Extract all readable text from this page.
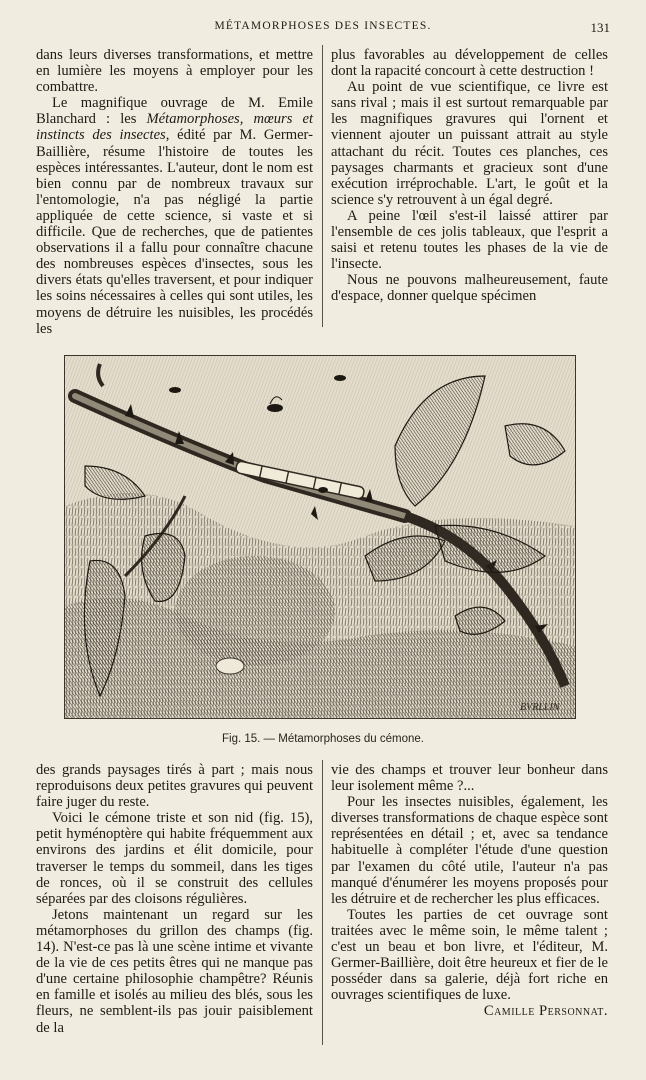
MÉTAMORPHOSES DES INSECTES.	131

dans leurs diverses transformations, et mettre en lumière les moyens à employer pour les combattre.

Le magnifique ouvrage de M. Emile Blanchard : les Métamorphoses, mœurs et instincts des insectes, édité par M. Germer-Baillière, résume l'histoire de toutes les espèces intéressantes. L'auteur, dont le nom est bien connu par de nombreux travaux sur l'entomologie, n'a pas négligé la partie appliquée de cette science, si vaste et si difficile. Que de recherches, que de patientes observations il a fallu pour connaître chacune des nombreuses espèces d'insectes, sous les divers états qu'elles traversent, et pour indiquer les soins nécessaires à celles qui sont utiles, les moyens de détruire les nuisibles, les procédés les

plus favorables au développement de celles dont la rapacité concourt à cette destruction !

Au point de vue scientifique, ce livre est sans rival ; mais il est surtout remarquable par les magnifiques gravures qui l'ornent et viennent ajouter un puissant attrait au style attachant du récit. Toutes ces planches, ces paysages charmants et gracieux sont d'une exécution irréprochable. L'art, le goût et la science s'y retrouvent à un égal degré.

A peine l'œil s'est-il laissé attirer par l'ensemble de ces jolis tableaux, que l'esprit a saisi et retenu toutes les phases de la vie de l'insecte.

Nous ne pouvons malheureusement, faute d'espace, donner quelque spécimen

BVRLLIN
Fig. 15. — Métamorphoses du cémone.

des grands paysages tirés à part ; mais nous reproduisons deux petites gravures qui peuvent faire juger du reste.

Voici le cémone triste et son nid (fig. 15), petit hyménoptère qui habite fréquemment aux environs des jardins et élit domicile, pour traverser le temps du sommeil, dans les tiges de ronces, où il se construit des cellules séparées par des cloisons régulières.

Jetons maintenant un regard sur les métamorphoses du grillon des champs (fig. 14). N'est-ce pas là une scène intime et vivante de la vie de ces petits êtres qui ne manque pas d'une certaine philosophie champêtre? Réunis en famille et isolés au milieu des blés, sous les fleurs, ne semblent-ils pas jouir paisiblement de la

vie des champs et trouver leur bonheur dans leur isolement même ?...

Pour les insectes nuisibles, également, les diverses transformations de chaque espèce sont représentées en détail ; et, avec sa tendance habituelle à compléter l'étude d'une question par l'examen du côté utile, l'auteur n'a pas manqué d'énumérer les moyens proposés pour les détruire et de rechercher les plus efficaces.

Toutes les parties de cet ouvrage sont traitées avec le même soin, le même talent ; c'est un beau et bon livre, et l'éditeur, M. Germer-Baillière, doit être heureux et fier de le posséder dans sa galerie, déjà fort riche en ouvrages scientifiques de luxe.
Camille Personnat.
